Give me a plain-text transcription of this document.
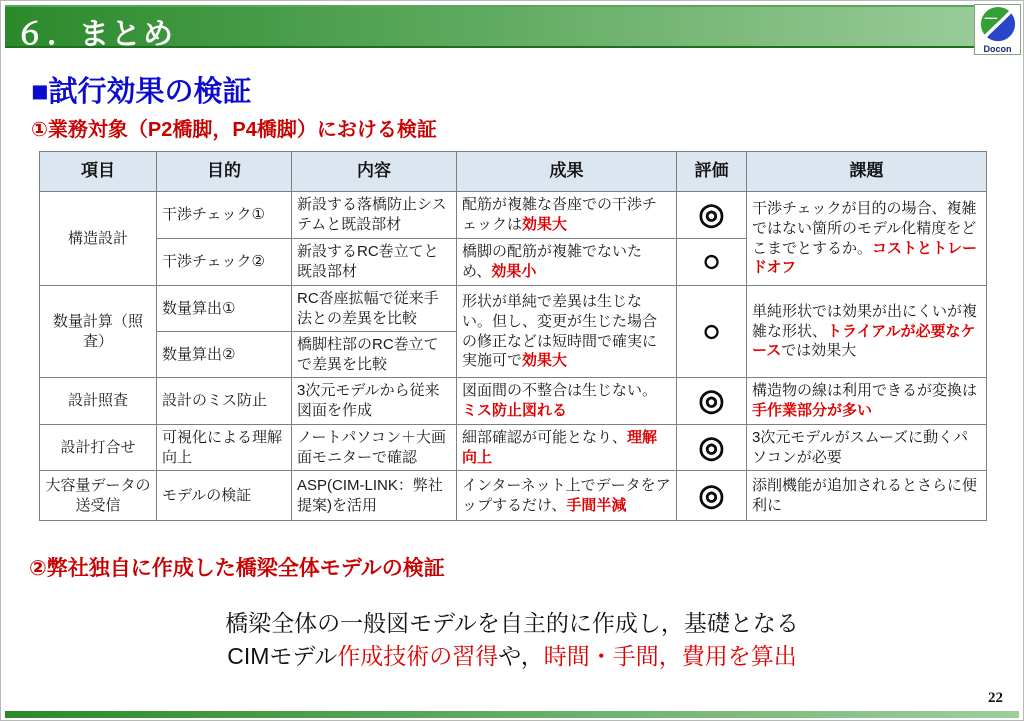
６．まとめ	Docon
■試行効果の検証
①業務対象（P2橋脚，P4橋脚）における検証
項目	目的	内容	成果	評価	課題
構造設計	干渉チェック①	新設する落橋防止システムと既設部材	配筋が複雑な沓座での干渉チェックは効果大	◎	干渉チェックが目的の場合、複雑ではない箇所のモデル化精度をどこまでとするか。コストとトレードオフ
	干渉チェック②	新設するRC巻立てと既設部材	橋脚の配筋が複雑でないため、効果小	○	
数量計算（照査）	数量算出①	RC沓座拡幅で従来手法との差異を比較	形状が単純で差異は生じない。但し、変更が生じた場合の修正などは短時間で確実に実施可で効果大	○	単純形状では効果が出にくいが複雑な形状、トライアルが必要なケースでは効果大
	数量算出②	橋脚柱部のRC巻立てで差異を比較			
設計照査	設計のミス防止	3次元モデルから従来図面を作成	図面間の不整合は生じない。ミス防止図れる	◎	構造物の線は利用できるが変換は手作業部分が多い
設計打合せ	可視化による理解向上	ノートパソコン＋大画面モニターで確認	細部確認が可能となり、理解向上	◎	3次元モデルがスムーズに動くパソコンが必要
大容量データの送受信	モデルの検証	ASP(CIM-LINK：弊社提案)を活用	インターネット上でデータをアップするだけ、手間半減	◎	添削機能が追加されるとさらに便利に
②弊社独自に作成した橋梁全体モデルの検証
橋梁全体の一般図モデルを自主的に作成し，基礎となる
CIMモデル作成技術の習得や，時間・手間，費用を算出
22
